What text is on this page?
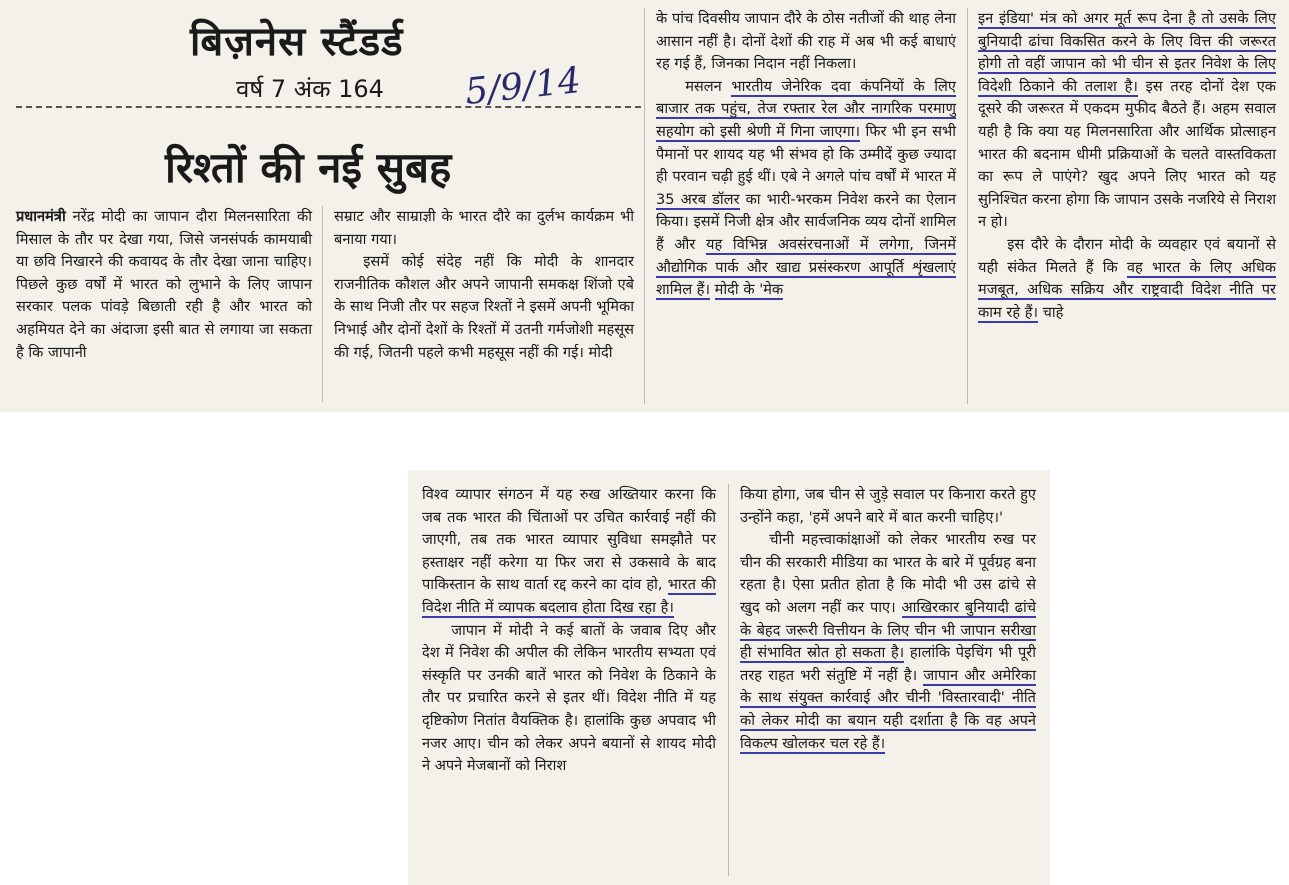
बिज़नेस स्टैंडर्ड
वर्ष 7 अंक 164 5/9/14
रिश्तों की नई सुबह

प्रधानमंत्री नरेंद्र मोदी का जापान दौरा मिलनसारिता की मिसाल के तौर पर देखा गया, जिसे जनसंपर्क कामयाबी या छवि निखारने की कवायद के तौर देखा जाना चाहिए। पिछले कुछ वर्षों में भारत को लुभाने के लिए जापान सरकार पलक पांवड़े बिछाती रही है और भारत को अहमियत देने का अंदाजा इसी बात से लगाया जा सकता है कि जापानी

सम्राट और साम्राज्ञी के भारत दौरे का दुर्लभ कार्यक्रम भी बनाया गया।

इसमें कोई संदेह नहीं कि मोदी के शानदार राजनीतिक कौशल और अपने जापानी समकक्ष शिंजो एबे के साथ निजी तौर पर सहज रिश्तों ने इसमें अपनी भूमिका निभाई और दोनों देशों के रिश्तों में उतनी गर्मजोशी महसूस की गई, जितनी पहले कभी महसूस नहीं की गई। मोदी

के पांच दिवसीय जापान दौरे के ठोस नतीजों की थाह लेना आसान नहीं है। दोनों देशों की राह में अब भी कई बाधाएं रह गई हैं, जिनका निदान नहीं निकला।

मसलन भारतीय जेनेरिक दवा कंपनियों के लिए बाजार तक पहुंच, तेज रफ्तार रेल और नागरिक परमाणु सहयोग को इसी श्रेणी में गिना जाएगा। फिर भी इन सभी पैमानों पर शायद यह भी संभव हो कि उम्मीदें कुछ ज्यादा ही परवान चढ़ी हुई थीं। एबे ने अगले पांच वर्षों में भारत में 35 अरब डॉलर का भारी-भरकम निवेश करने का ऐलान किया। इसमें निजी क्षेत्र और सार्वजनिक व्यय दोनों शामिल हैं और यह विभिन्न अवसंरचनाओं में लगेगा, जिनमें औद्योगिक पार्क और खाद्य प्रसंस्करण आपूर्ति शृंखलाएं शामिल हैं। मोदी के 'मेक

इन इंडिया' मंत्र को अगर मूर्त रूप देना है तो उसके लिए बुनियादी ढांचा विकसित करने के लिए वित्त की जरूरत होगी तो वहीं जापान को भी चीन से इतर निवेश के लिए विदेशी ठिकाने की तलाश है। इस तरह दोनों देश एक दूसरे की जरूरत में एकदम मुफीद बैठते हैं। अहम सवाल यही है कि क्या यह मिलनसारिता और आर्थिक प्रोत्साहन भारत की बदनाम धीमी प्रक्रियाओं के चलते वास्तविकता का रूप ले पाएंगे? खुद अपने लिए भारत को यह सुनिश्चित करना होगा कि जापान उसके नजरिये से निराश न हो।

इस दौरे के दौरान मोदी के व्यवहार एवं बयानों से यही संकेत मिलते हैं कि वह भारत के लिए अधिक मजबूत, अधिक सक्रिय और राष्ट्रवादी विदेश नीति पर काम रहे हैं। चाहे

विश्व व्यापार संगठन में यह रुख अख्तियार करना कि जब तक भारत की चिंताओं पर उचित कार्रवाई नहीं की जाएगी, तब तक भारत व्यापार सुविधा समझौते पर हस्ताक्षर नहीं करेगा या फिर जरा से उकसावे के बाद पाकिस्तान के साथ वार्ता रद्द करने का दांव हो, भारत की विदेश नीति में व्यापक बदलाव होता दिख रहा है।

जापान में मोदी ने कई बातों के जवाब दिए और देश में निवेश की अपील की लेकिन भारतीय सभ्यता एवं संस्कृति पर उनकी बातें भारत को निवेश के ठिकाने के तौर पर प्रचारित करने से इतर थीं। विदेश नीति में यह दृष्टिकोण नितांत वैयक्तिक है। हालांकि कुछ अपवाद भी नजर आए। चीन को लेकर अपने बयानों से शायद मोदी ने अपने मेजबानों को निराश

किया होगा, जब चीन से जुड़े सवाल पर किनारा करते हुए उन्होंने कहा, 'हमें अपने बारे में बात करनी चाहिए।'

चीनी महत्त्वाकांक्षाओं को लेकर भारतीय रुख पर चीन की सरकारी मीडिया का भारत के बारे में पूर्वग्रह बना रहता है। ऐसा प्रतीत होता है कि मोदी भी उस ढांचे से खुद को अलग नहीं कर पाए। आखिरकार बुनियादी ढांचे के बेहद जरूरी वित्तीयन के लिए चीन भी जापान सरीखा ही संभावित स्रोत हो सकता है। हालांकि पेइचिंग भी पूरी तरह राहत भरी संतुष्टि में नहीं है। जापान और अमेरिका के साथ संयुक्त कार्रवाई और चीनी 'विस्तारवादी' नीति को लेकर मोदी का बयान यही दर्शाता है कि वह अपने विकल्प खोलकर चल रहे हैं।
